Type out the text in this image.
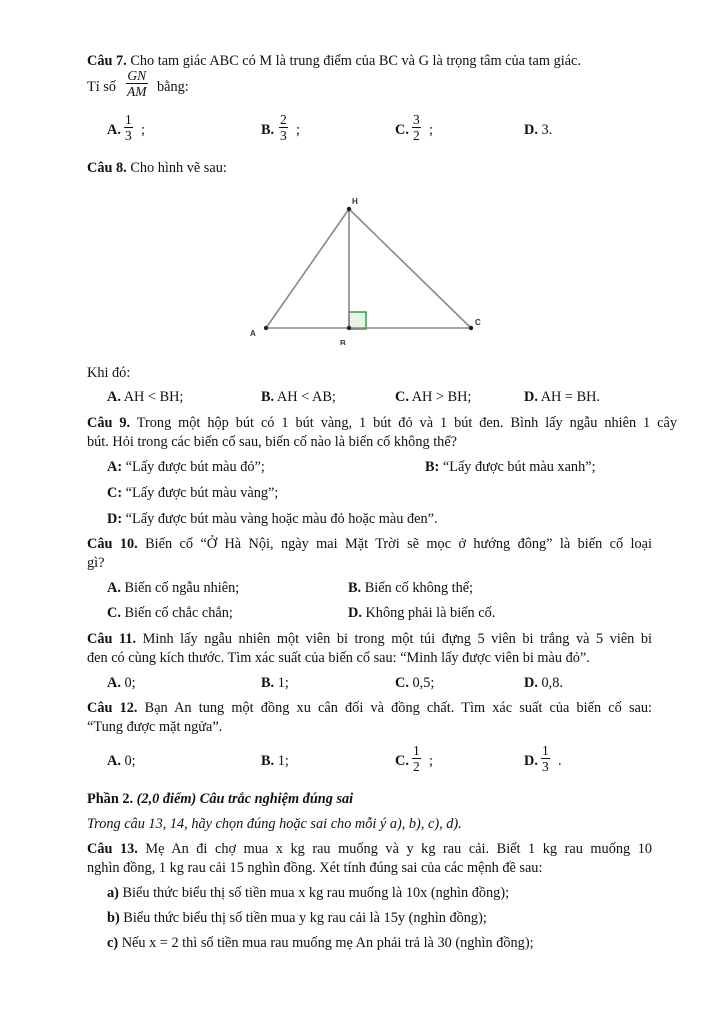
Câu 7. Cho tam giác ABC có M là trung điểm của BC và G là trọng tâm của tam giác.
Tỉ số $\frac{GN}{AM}$ bằng:
A. $\frac{1}{3}$ ;	B. $\frac{2}{3}$ ;	C. $\frac{3}{2}$ ;	D. 3.
Câu 8. Cho hình vẽ sau:
H
A
B
C
Khi đó:
A. AH < BH;	B. AH < AB;	C. AH > BH;	D. AH = BH.
Câu 9. Trong một hộp bút có 1 bút vàng, 1 bút đỏ và 1 bút đen. Bình lấy ngẫu nhiên 1 cây
bút. Hỏi trong các biến cố sau, biến cố nào là biến cố không thể?
A: “Lấy được bút màu đỏ”;	B: “Lấy được bút màu xanh”;
C: “Lấy được bút màu vàng”;
D: “Lấy được bút màu vàng hoặc màu đỏ hoặc màu đen”.
Câu 10. Biến cố “Ở Hà Nội, ngày mai Mặt Trời sẽ mọc ở hướng đông” là biến cố loại
gì?
A. Biến cố ngẫu nhiên;	B. Biến cố không thể;
C. Biến cố chắc chắn;	D. Không phải là biến cố.
Câu 11. Minh lấy ngẫu nhiên một viên bi trong một túi đựng 5 viên bi trắng và 5 viên bi
đen có cùng kích thước. Tìm xác suất của biến cố sau: “Minh lấy được viên bi màu đỏ”.
A. 0;	B. 1;	C. 0,5;	D. 0,8.
Câu 12. Bạn An tung một đồng xu cân đối và đồng chất. Tìm xác suất của biến cố sau:
“Tung được mặt ngửa”.
A. 0;	B. 1;	C. $\frac{1}{2}$ ;	D. $\frac{1}{3}$ .
Phần 2. (2,0 điểm) Câu trắc nghiệm đúng sai
Trong câu 13, 14, hãy chọn đúng hoặc sai cho mỗi ý a), b), c), d).
Câu 13. Mẹ An đi chợ mua x kg rau muống và y kg rau cải. Biết 1 kg rau muống 10
nghìn đồng, 1 kg rau cải 15 nghìn đồng. Xét tính đúng sai của các mệnh đề sau:
a) Biểu thức biểu thị số tiền mua x kg rau muống là 10x (nghìn đồng);
b) Biểu thức biểu thị số tiền mua y kg rau cải là 15y (nghìn đồng);
c) Nếu x = 2 thì số tiền mua rau muống mẹ An phải trả là 30 (nghìn đồng);
